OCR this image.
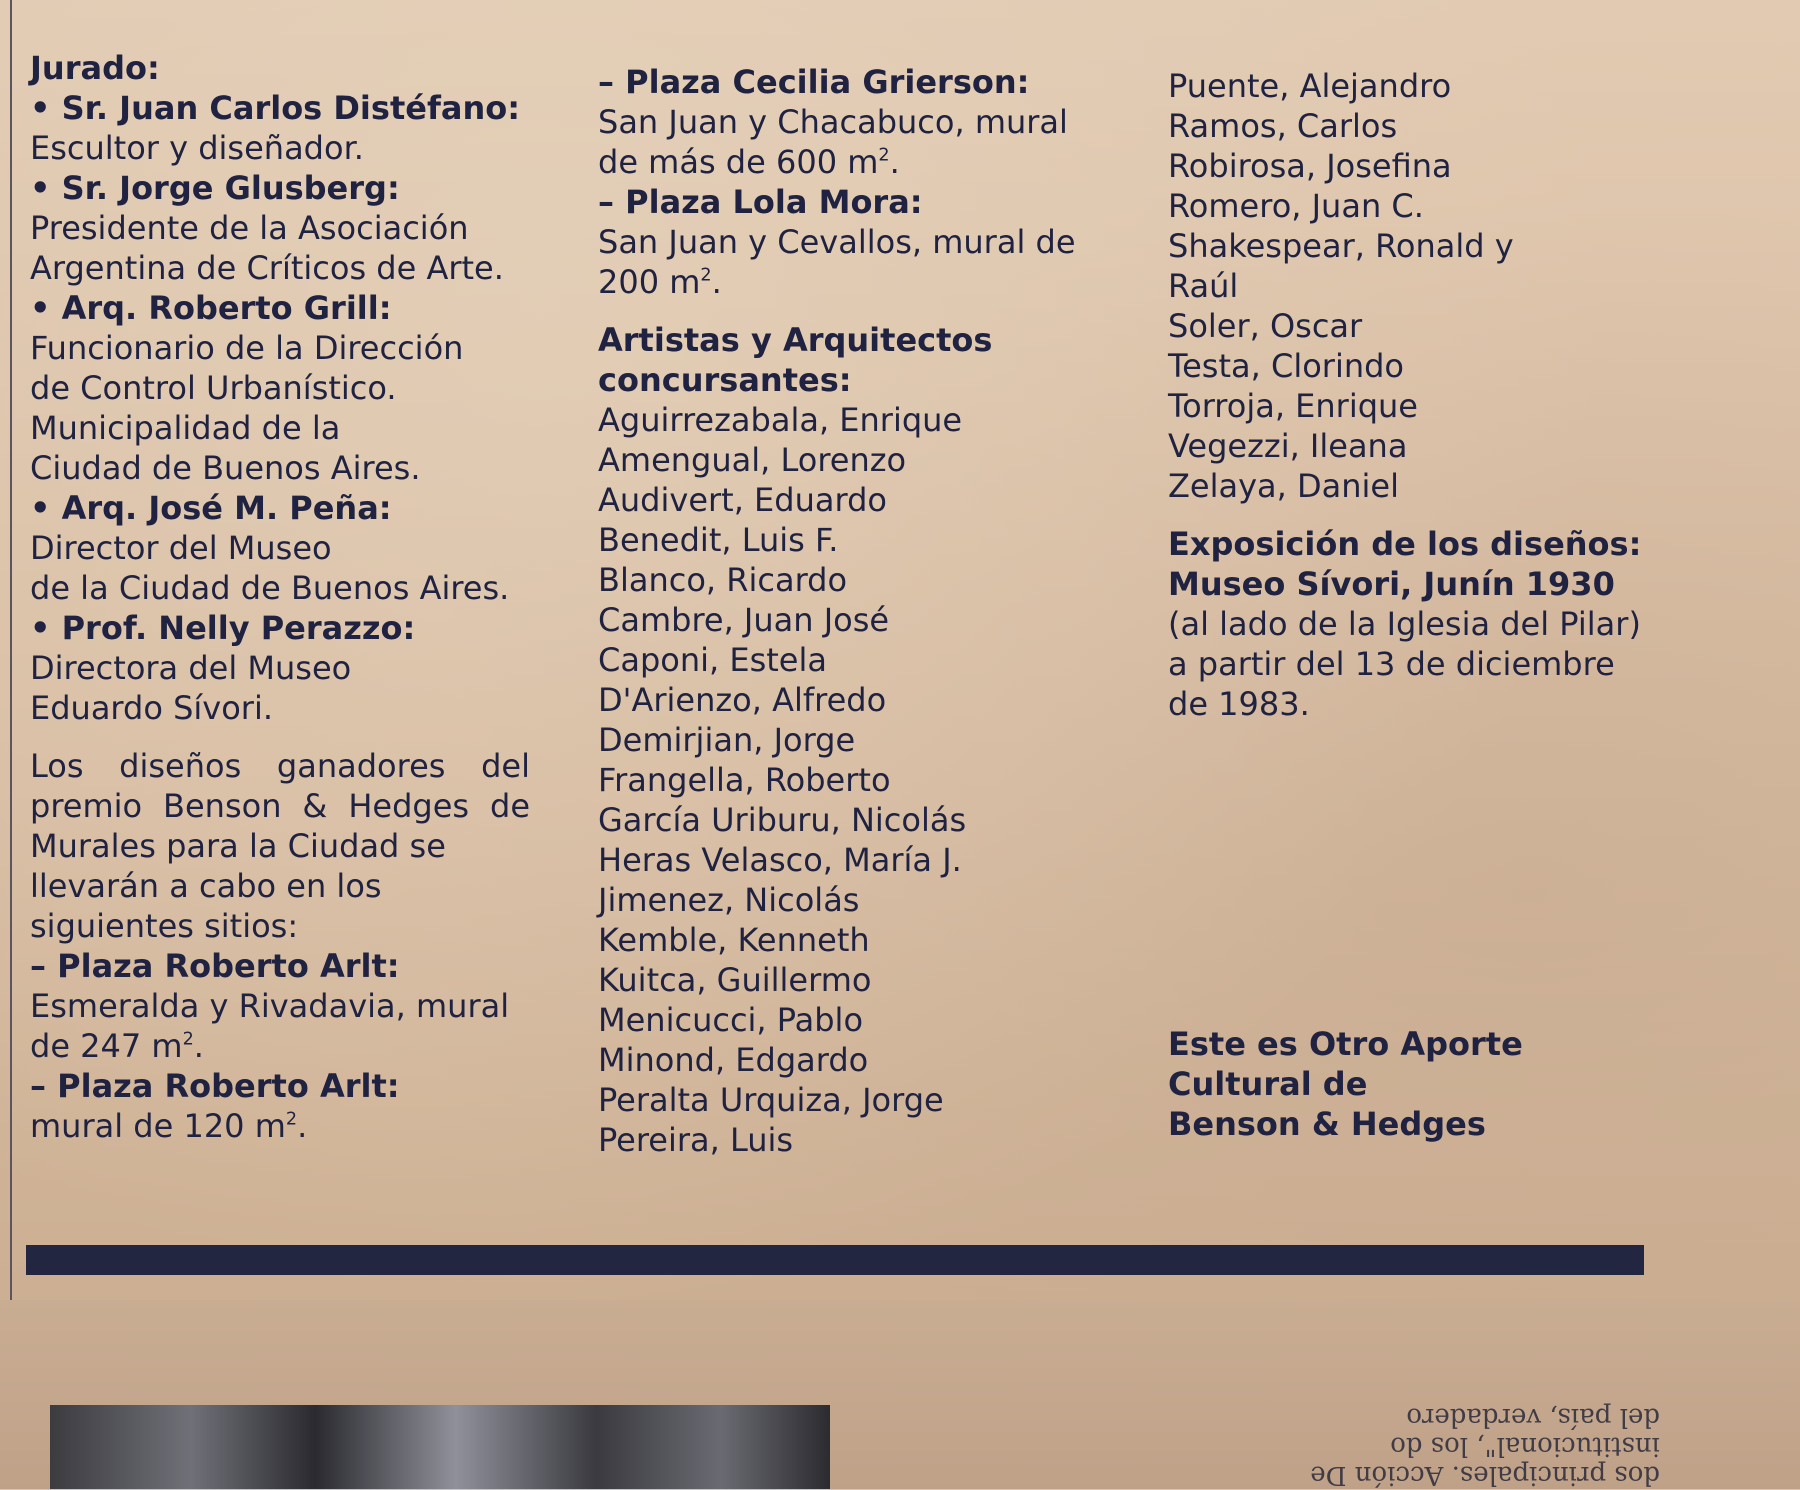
Jurado:

• Sr. Juan Carlos Distéfano:

Escultor y diseñador.

• Sr. Jorge Glusberg:

Presidente de la Asociación

Argentina de Críticos de Arte.

• Arq. Roberto Grill:

Funcionario de la Dirección

de Control Urbanístico.

Municipalidad de la

Ciudad de Buenos Aires.

• Arq. José M. Peña:

Director del Museo

de la Ciudad de Buenos Aires.

• Prof. Nelly Perazzo:

Directora del Museo

Eduardo Sívori.

Los diseños ganadores del

premio Benson & Hedges de

Murales para la Ciudad se

llevarán a cabo en los

siguientes sitios:

– Plaza Roberto Arlt:

Esmeralda y Rivadavia, mural

de 247 $m^2$.

– Plaza Roberto Arlt:

mural de 120 $m^2$.

– Plaza Cecilia Grierson:

San Juan y Chacabuco, mural

de más de 600 $m^2$.

– Plaza Lola Mora:

San Juan y Cevallos, mural de

200 $m^2$.

Artistas y Arquitectos

concursantes:

Aguirrezabala, Enrique

Amengual, Lorenzo

Audivert, Eduardo

Benedit, Luis F.

Blanco, Ricardo

Cambre, Juan José

Caponi, Estela

D'Arienzo, Alfredo

Demirjian, Jorge

Frangella, Roberto

García Uriburu, Nicolás

Heras Velasco, María J.

Jimenez, Nicolás

Kemble, Kenneth

Kuitca, Guillermo

Menicucci, Pablo

Minond, Edgardo

Peralta Urquiza, Jorge

Pereira, Luis

Puente, Alejandro

Ramos, Carlos

Robirosa, Josefina

Romero, Juan C.

Shakespear, Ronald y

Raúl

Soler, Oscar

Testa, Clorindo

Torroja, Enrique

Vegezzi, Ileana

Zelaya, Daniel

Exposición de los diseños:

Museo Sívori, Junín 1930

(al lado de la Iglesia del Pilar)

a partir del 13 de diciembre

de 1983.

Este es Otro Aporte

Cultural de

Benson & Hedges

dos principales. Acción De

institucional", los do

del país, verdadero
